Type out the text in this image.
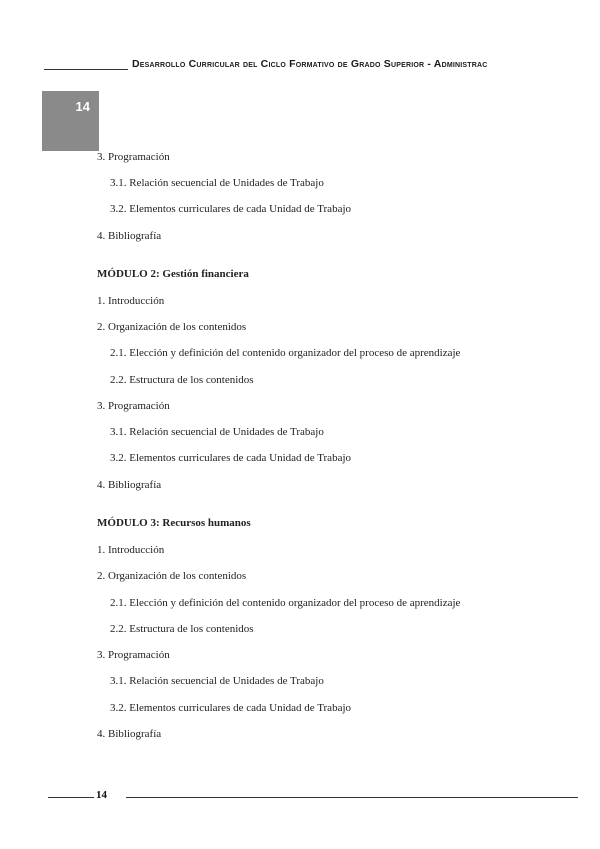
Desarrollo Curricular del Ciclo Formativo de Grado Superior - Administrac
14
3. Programación
3.1. Relación secuencial de Unidades de Trabajo
3.2. Elementos curriculares de cada Unidad de Trabajo
4. Bibliografía
MÓDULO 2: Gestión financiera
1. Introducción
2. Organización de los contenidos
2.1. Elección y definición del contenido organizador del proceso de aprendizaje
2.2. Estructura de los contenidos
3. Programación
3.1. Relación secuencial de Unidades de Trabajo
3.2. Elementos curriculares de cada Unidad de Trabajo
4. Bibliografía
MÓDULO 3: Recursos humanos
1. Introducción
2. Organización de los contenidos
2.1. Elección y definición del contenido organizador del proceso de aprendizaje
2.2. Estructura de los contenidos
3. Programación
3.1. Relación secuencial de Unidades de Trabajo
3.2. Elementos curriculares de cada Unidad de Trabajo
4. Bibliografía
14
